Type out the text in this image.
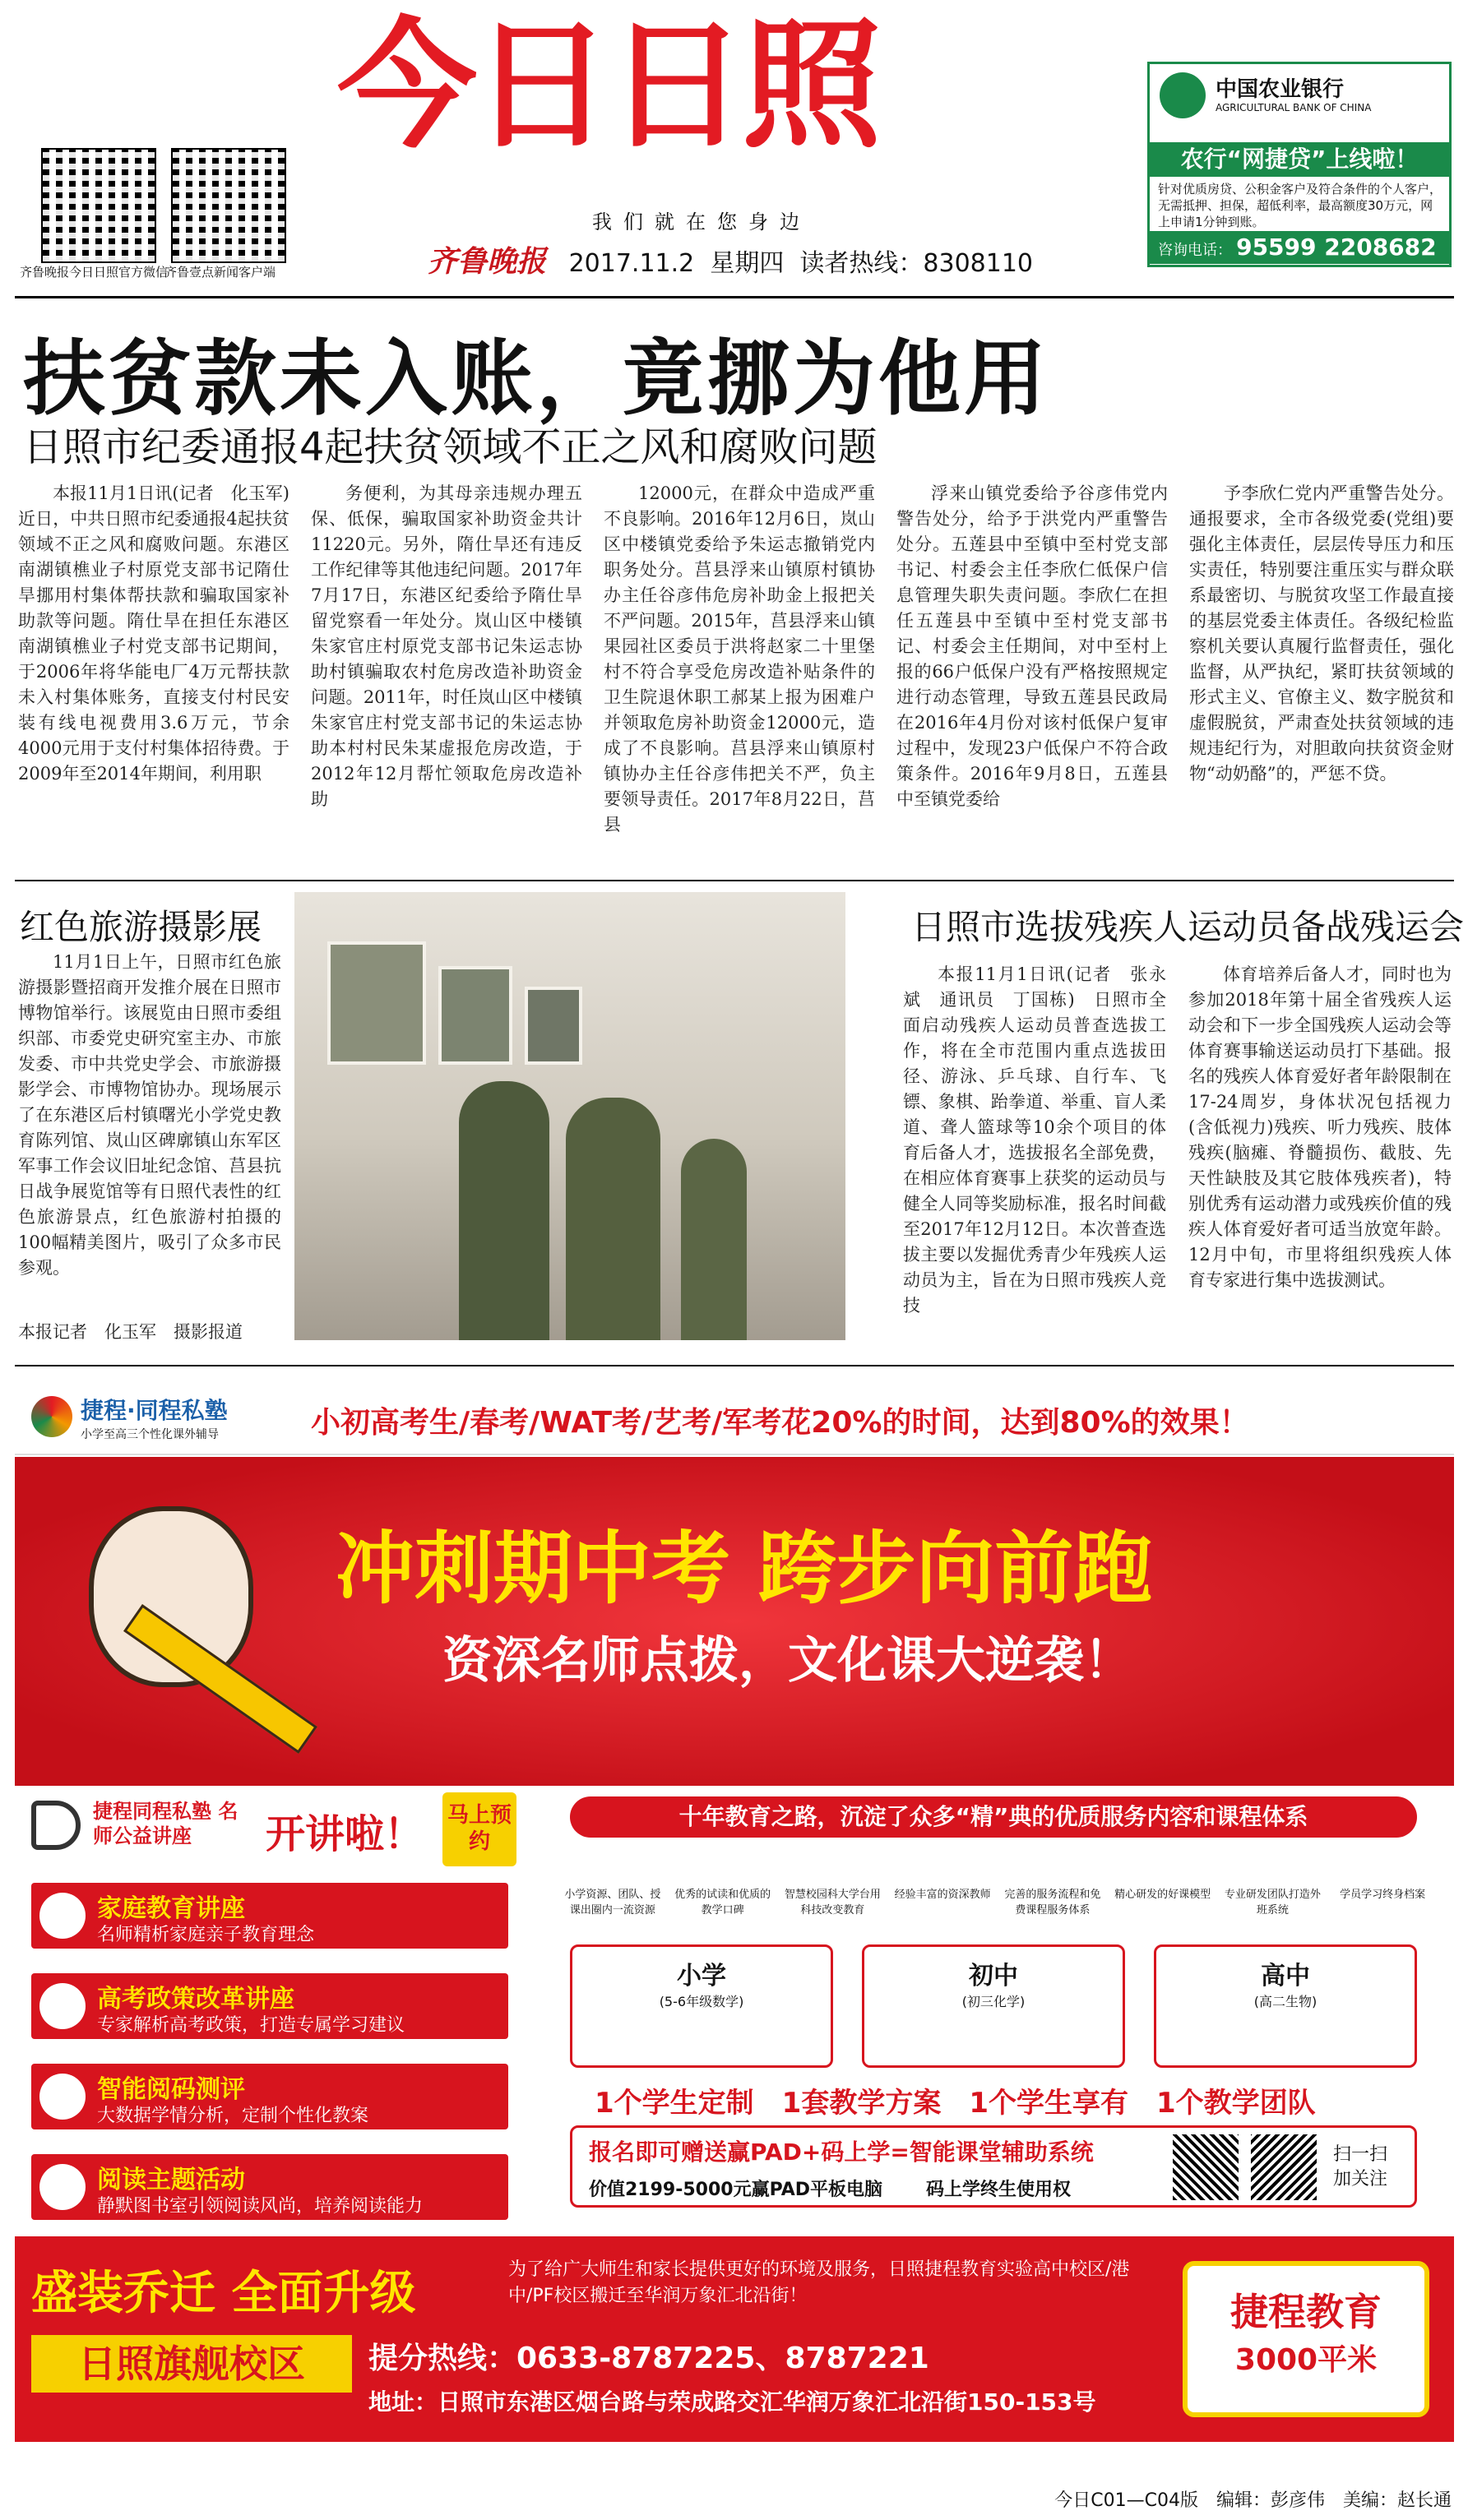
齐鲁晚报今日日照官方微信
齐鲁壹点新闻客户端
今日日照
我们就在您身边
齐鲁晚报 2017.11.2 星期四 读者热线：8308110
中国农业银行
AGRICULTURAL BANK OF CHINA
农行“网捷贷”上线啦！
针对优质房贷、公积金客户及符合条件的个人客户，无需抵押、担保，超低利率，最高额度30万元，网上申请1分钟到账。
咨询电话： 95599 2208682
扶贫款未入账，竟挪为他用
日照市纪委通报4起扶贫领域不正之风和腐败问题

本报11月1日讯(记者　化玉军)　近日，中共日照市纪委通报4起扶贫领域不正之风和腐败问题。东港区南湖镇樵业子村原党支部书记隋仕旱挪用村集体帮扶款和骗取国家补助款等问题。隋仕旱在担任东港区南湖镇樵业子村党支部书记期间，于2006年将华能电厂4万元帮扶款未入村集体账务，直接支付村民安装有线电视费用3.6万元，节余4000元用于支付村集体招待费。于2009年至2014年期间，利用职

务便利，为其母亲违规办理五保、低保，骗取国家补助资金共计11220元。另外，隋仕旱还有违反工作纪律等其他违纪问题。2017年7月17日，东港区纪委给予隋仕旱留党察看一年处分。岚山区中楼镇朱家官庄村原党支部书记朱运志协助村镇骗取农村危房改造补助资金问题。2011年，时任岚山区中楼镇朱家官庄村党支部书记的朱运志协助本村村民朱某虚报危房改造，于2012年12月帮忙领取危房改造补助

12000元，在群众中造成严重不良影响。2016年12月6日，岚山区中楼镇党委给予朱运志撤销党内职务处分。莒县浮来山镇原村镇协办主任谷彦伟危房补助金上报把关不严问题。2015年，莒县浮来山镇果园社区委员于洪将赵家二十里堡村不符合享受危房改造补贴条件的卫生院退休职工郝某上报为困难户并领取危房补助资金12000元，造成了不良影响。莒县浮来山镇原村镇协办主任谷彦伟把关不严，负主要领导责任。2017年8月22日，莒县

浮来山镇党委给予谷彦伟党内警告处分，给予于洪党内严重警告处分。五莲县中至镇中至村党支部书记、村委会主任李欣仁低保户信息管理失职失责问题。李欣仁在担任五莲县中至镇中至村党支部书记、村委会主任期间，对中至村上报的66户低保户没有严格按照规定进行动态管理，导致五莲县民政局在2016年4月份对该村低保户复审过程中，发现23户低保户不符合政策条件。2016年9月8日，五莲县中至镇党委给

予李欣仁党内严重警告处分。通报要求，全市各级党委(党组)要强化主体责任，层层传导压力和压实责任，特别要注重压实与群众联系最密切、与脱贫攻坚工作最直接的基层党委主体责任。各级纪检监察机关要认真履行监督责任，强化监督，从严执纪，紧盯扶贫领域的形式主义、官僚主义、数字脱贫和虚假脱贫，严肃查处扶贫领域的违规违纪行为，对胆敢向扶贫资金财物“动奶酪”的，严惩不贷。

红色旅游摄影展

11月1日上午，日照市红色旅游摄影暨招商开发推介展在日照市博物馆举行。该展览由日照市委组织部、市委党史研究室主办、市旅发委、市中共党史学会、市旅游摄影学会、市博物馆协办。现场展示了在东港区后村镇曙光小学党史教育陈列馆、岚山区碑廓镇山东军区军事工作会议旧址纪念馆、莒县抗日战争展览馆等有日照代表性的红色旅游景点，红色旅游村拍摄的100幅精美图片，吸引了众多市民参观。

本报记者　化玉军　摄影报道
日照市选拔残疾人运动员备战残运会

本报11月1日讯(记者　张永斌　通讯员　丁国栋)　日照市全面启动残疾人运动员普查选拔工作，将在全市范围内重点选拔田径、游泳、乒乓球、自行车、飞镖、象棋、跆拳道、举重、盲人柔道、聋人篮球等10余个项目的体育后备人才，选拔报名全部免费，在相应体育赛事上获奖的运动员与健全人同等奖励标准，报名时间截至2017年12月12日。本次普查选拔主要以发掘优秀青少年残疾人运动员为主，旨在为日照市残疾人竞技

体育培养后备人才，同时也为参加2018年第十届全省残疾人运动会和下一步全国残疾人运动会等体育赛事输送运动员打下基础。报名的残疾人体育爱好者年龄限制在17-24周岁，身体状况包括视力(含低视力)残疾、听力残疾、肢体残疾(脑瘫、脊髓损伤、截肢、先天性缺肢及其它肢体残疾者)，特别优秀有运动潜力或残疾价值的残疾人体育爱好者可适当放宽年龄。12月中旬，市里将组织残疾人体育专家进行集中选拔测试。

捷程·同程私塾
小学至高三个性化课外辅导	小初高考生/春考/WAT考/艺考/军考花20%的时间，达到80%的效果！
冲刺期中考 跨步向前跑
资深名师点拨，文化课大逆袭！
捷程同程私塾 名师公益讲座	开讲啦！ 马上预约
家庭教育讲座
名师精析家庭亲子教育理念
高考政策改革讲座
专家解析高考政策，打造专属学习建议
智能阅码测评
大数据学情分析，定制个性化教案
阅读主题活动
静默图书室引领阅读风尚，培养阅读能力
十年教育之路，沉淀了众多“精”典的优质服务内容和课程体系
小学资源、团队、授课出圈内一流资源
优秀的试读和优质的教学口碑
智慧校园科大学台用科技改变教育
经验丰富的资深教师 完善的服务流程和免费课程服务体系
精心研发的好课模型 专业研发团队打造外班系统
学员学习终身档案
小学
(5-6年级数学)
初中
(初三化学)
高中
(高二生物)
1个学生定制　1套教学方案　1个学生享有　1个教学团队
报名即可赠送赢PAD+码上学=智能课堂辅助系统
价值2199-5000元赢PAD平板电脑 码上学终生使用权
扫一扫 加关注
盛装乔迁 全面升级	为了给广大师生和家长提供更好的环境及服务，日照捷程教育实验高中校区/港中/PF校区搬迁至华润万象汇北沿街！
日照旗舰校区	提分热线：0633-8787225、8787221
地址：日照市东港区烟台路与荣成路交汇华润万象汇北沿街150-153号
捷程教育
3000平米
今日C01—C04版　编辑：彭彦伟　美编：赵长通
